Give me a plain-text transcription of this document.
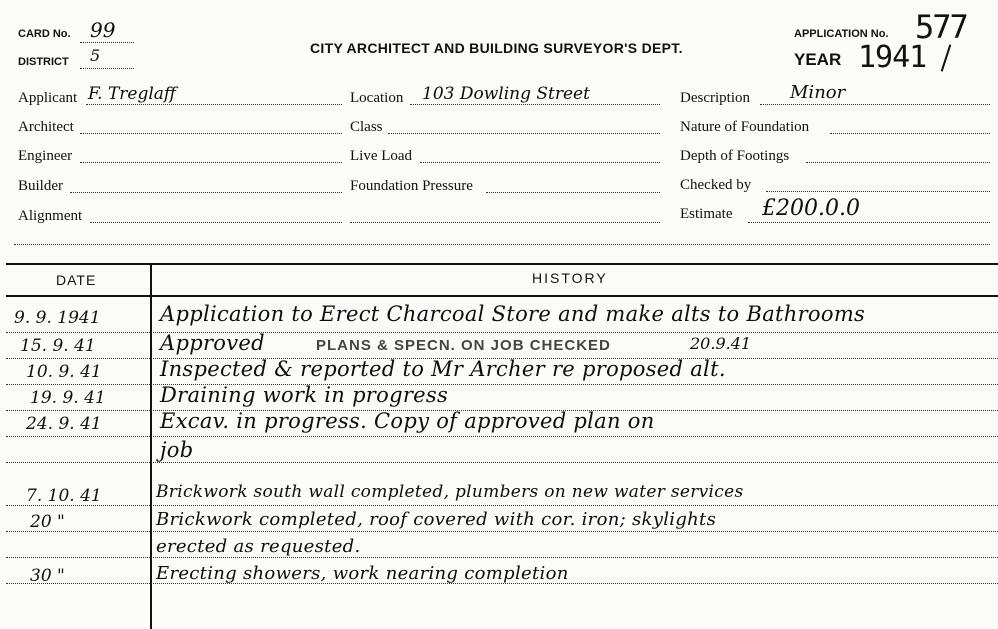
CARD No. 99
DISTRICT 5	CITY ARCHITECT AND BUILDING SURVEYOR'S DEPT.
APPLICATION No. 577
YEAR 1941
Applicant F. Treglaff
Architect
Engineer
Builder
Alignment
Location 103 Dowling Street
Class
Live Load
Foundation Pressure
Description Minor
Nature of Foundation
Depth of Footings
Checked by
Estimate £200.0.0
DATE	HISTORY
9. 9. 1941	Application to Erect Charcoal Store and make alts to Bathrooms
15. 9. 41	Approved	PLANS & SPECN. ON JOB CHECKED	20.9.41
10. 9. 41	Inspected & reported to Mr Archer re proposed alt.
19. 9. 41	Draining work in progress
24. 9. 41	Excav. in progress. Copy of approved plan on
job
7. 10. 41	Brickwork south wall completed, plumbers on new water services
20 "	Brickwork completed, roof covered with cor. iron; skylights
erected as requested.
30 "	Erecting showers, work nearing completion
